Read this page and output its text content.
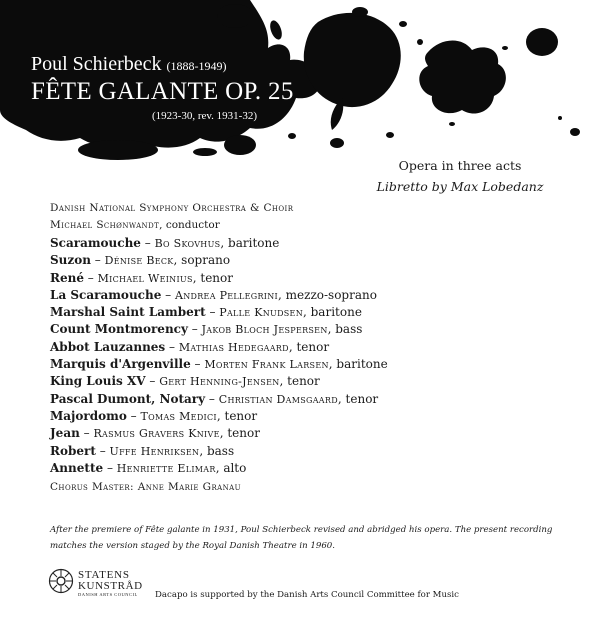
Poul Schierbeck (1888-1949)
FÊTE GALANTE OP. 25
(1923-30, rev. 1931-32)
Opera in three acts
Libretto by Max Lobedanz
Danish National Symphony Orchestra & Choir
Michael Schønwandt, conductor
Scaramouche – Bo Skovhus, baritone
Suzon – Dénise Beck, soprano
René – Michael Weinius, tenor
La Scaramouche – Andrea Pellegrini, mezzo-soprano
Marshal Saint Lambert – Palle Knudsen, baritone
Count Montmorency – Jakob Bloch Jespersen, bass
Abbot Lauzannes – Mathias Hedegaard, tenor
Marquis d'Argenville – Morten Frank Larsen, baritone
King Louis XV – Gert Henning-Jensen, tenor
Pascal Dumont, Notary – Christian Damsgaard, tenor
Majordomo – Tomas Medici, tenor
Jean – Rasmus Gravers Knive, tenor
Robert – Uffe Henriksen, bass
Annette – Henriette Elimar, alto
Chorus Master: Anne Marie Granau
After the premiere of Fête galante in 1931, Poul Schierbeck revised and abridged his opera. The present recording matches the version staged by the Royal Danish Theatre in 1960.
STATENS
KUNSTRÅD
DANISH ARTS COUNCIL	Dacapo is supported by the Danish Arts Council Committee for Music
